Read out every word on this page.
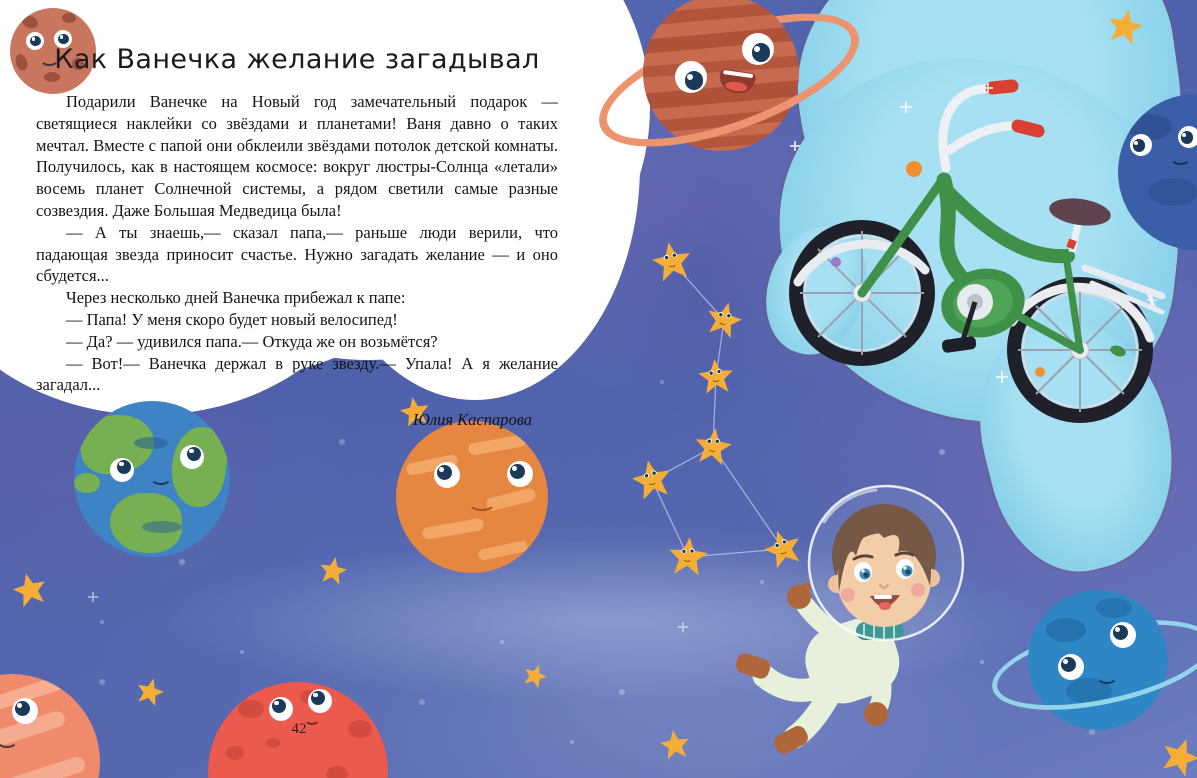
Как Ванечка желание загадывал

Подарили Ванечке на Новый год замечательный подарок — светящиеся наклейки со звёздами и планетами! Ваня давно о таких мечтал. Вместе с папой они обклеили звёздами потолок детской комнаты. Получилось, как в настоящем космосе: вокруг люстры-Солнца «летали» восемь планет Солнечной системы, а рядом светили самые разные созвездия. Даже Большая Медведица была!

— А ты знаешь,— сказал папа,— раньше люди верили, что падающая звезда приносит счастье. Нужно загадать желание — и оно сбудется...

Через несколько дней Ванечка прибежал к папе:

— Папа! У меня скоро будет новый велосипед!

— Да? — удивился папа.— Откуда же он возьмётся?

— Вот!— Ванечка держал в руке звезду.— Упала! А я желание загадал...

Юлия Каспарова
42
